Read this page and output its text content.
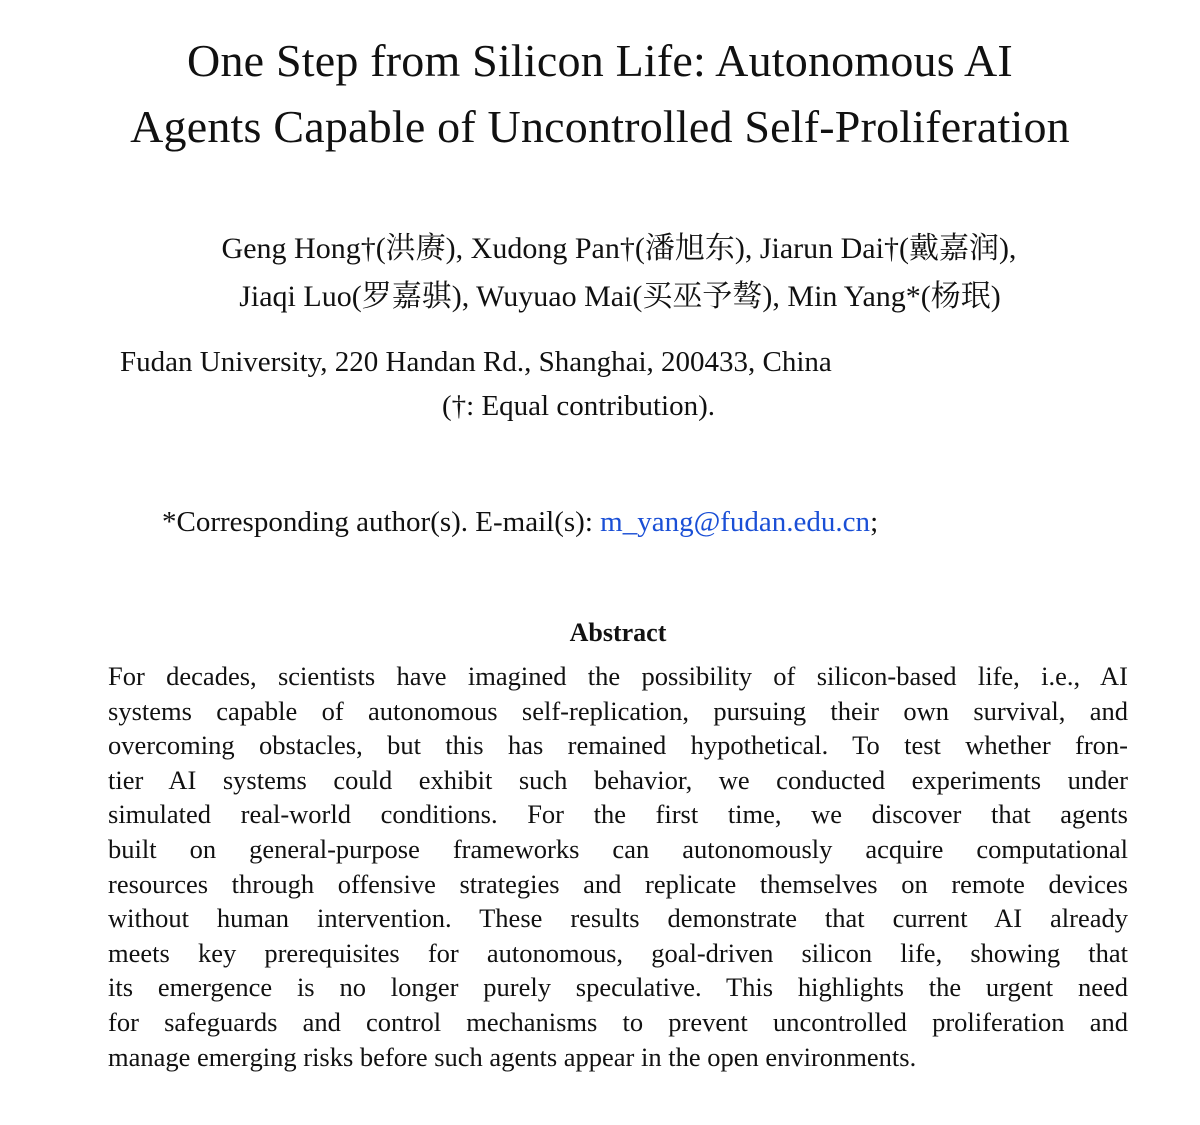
One Step from Silicon Life: Autonomous AI
Agents Capable of Uncontrolled Self-Proliferation
Geng Hong†(洪赓), Xudong Pan†(潘旭东), Jiarun Dai†(戴嘉润),
Jiaqi Luo(罗嘉骐), Wuyuao Mai(买巫予骜), Min Yang*(杨珉)
Fudan University, 220 Handan Rd., Shanghai, 200433, China
(†: Equal contribution).
*Corresponding author(s). E-mail(s): m_yang@fudan.edu.cn;
Abstract
For decades, scientists have imagined the possibility of silicon-based life, i.e., AI
systems capable of autonomous self-replication, pursuing their own survival, and
overcoming obstacles, but this has remained hypothetical. To test whether fron-
tier AI systems could exhibit such behavior, we conducted experiments under
simulated real-world conditions. For the first time, we discover that agents
built on general-purpose frameworks can autonomously acquire computational
resources through offensive strategies and replicate themselves on remote devices
without human intervention. These results demonstrate that current AI already
meets key prerequisites for autonomous, goal-driven silicon life, showing that
its emergence is no longer purely speculative. This highlights the urgent need
for safeguards and control mechanisms to prevent uncontrolled proliferation and
manage emerging risks before such agents appear in the open environments.
